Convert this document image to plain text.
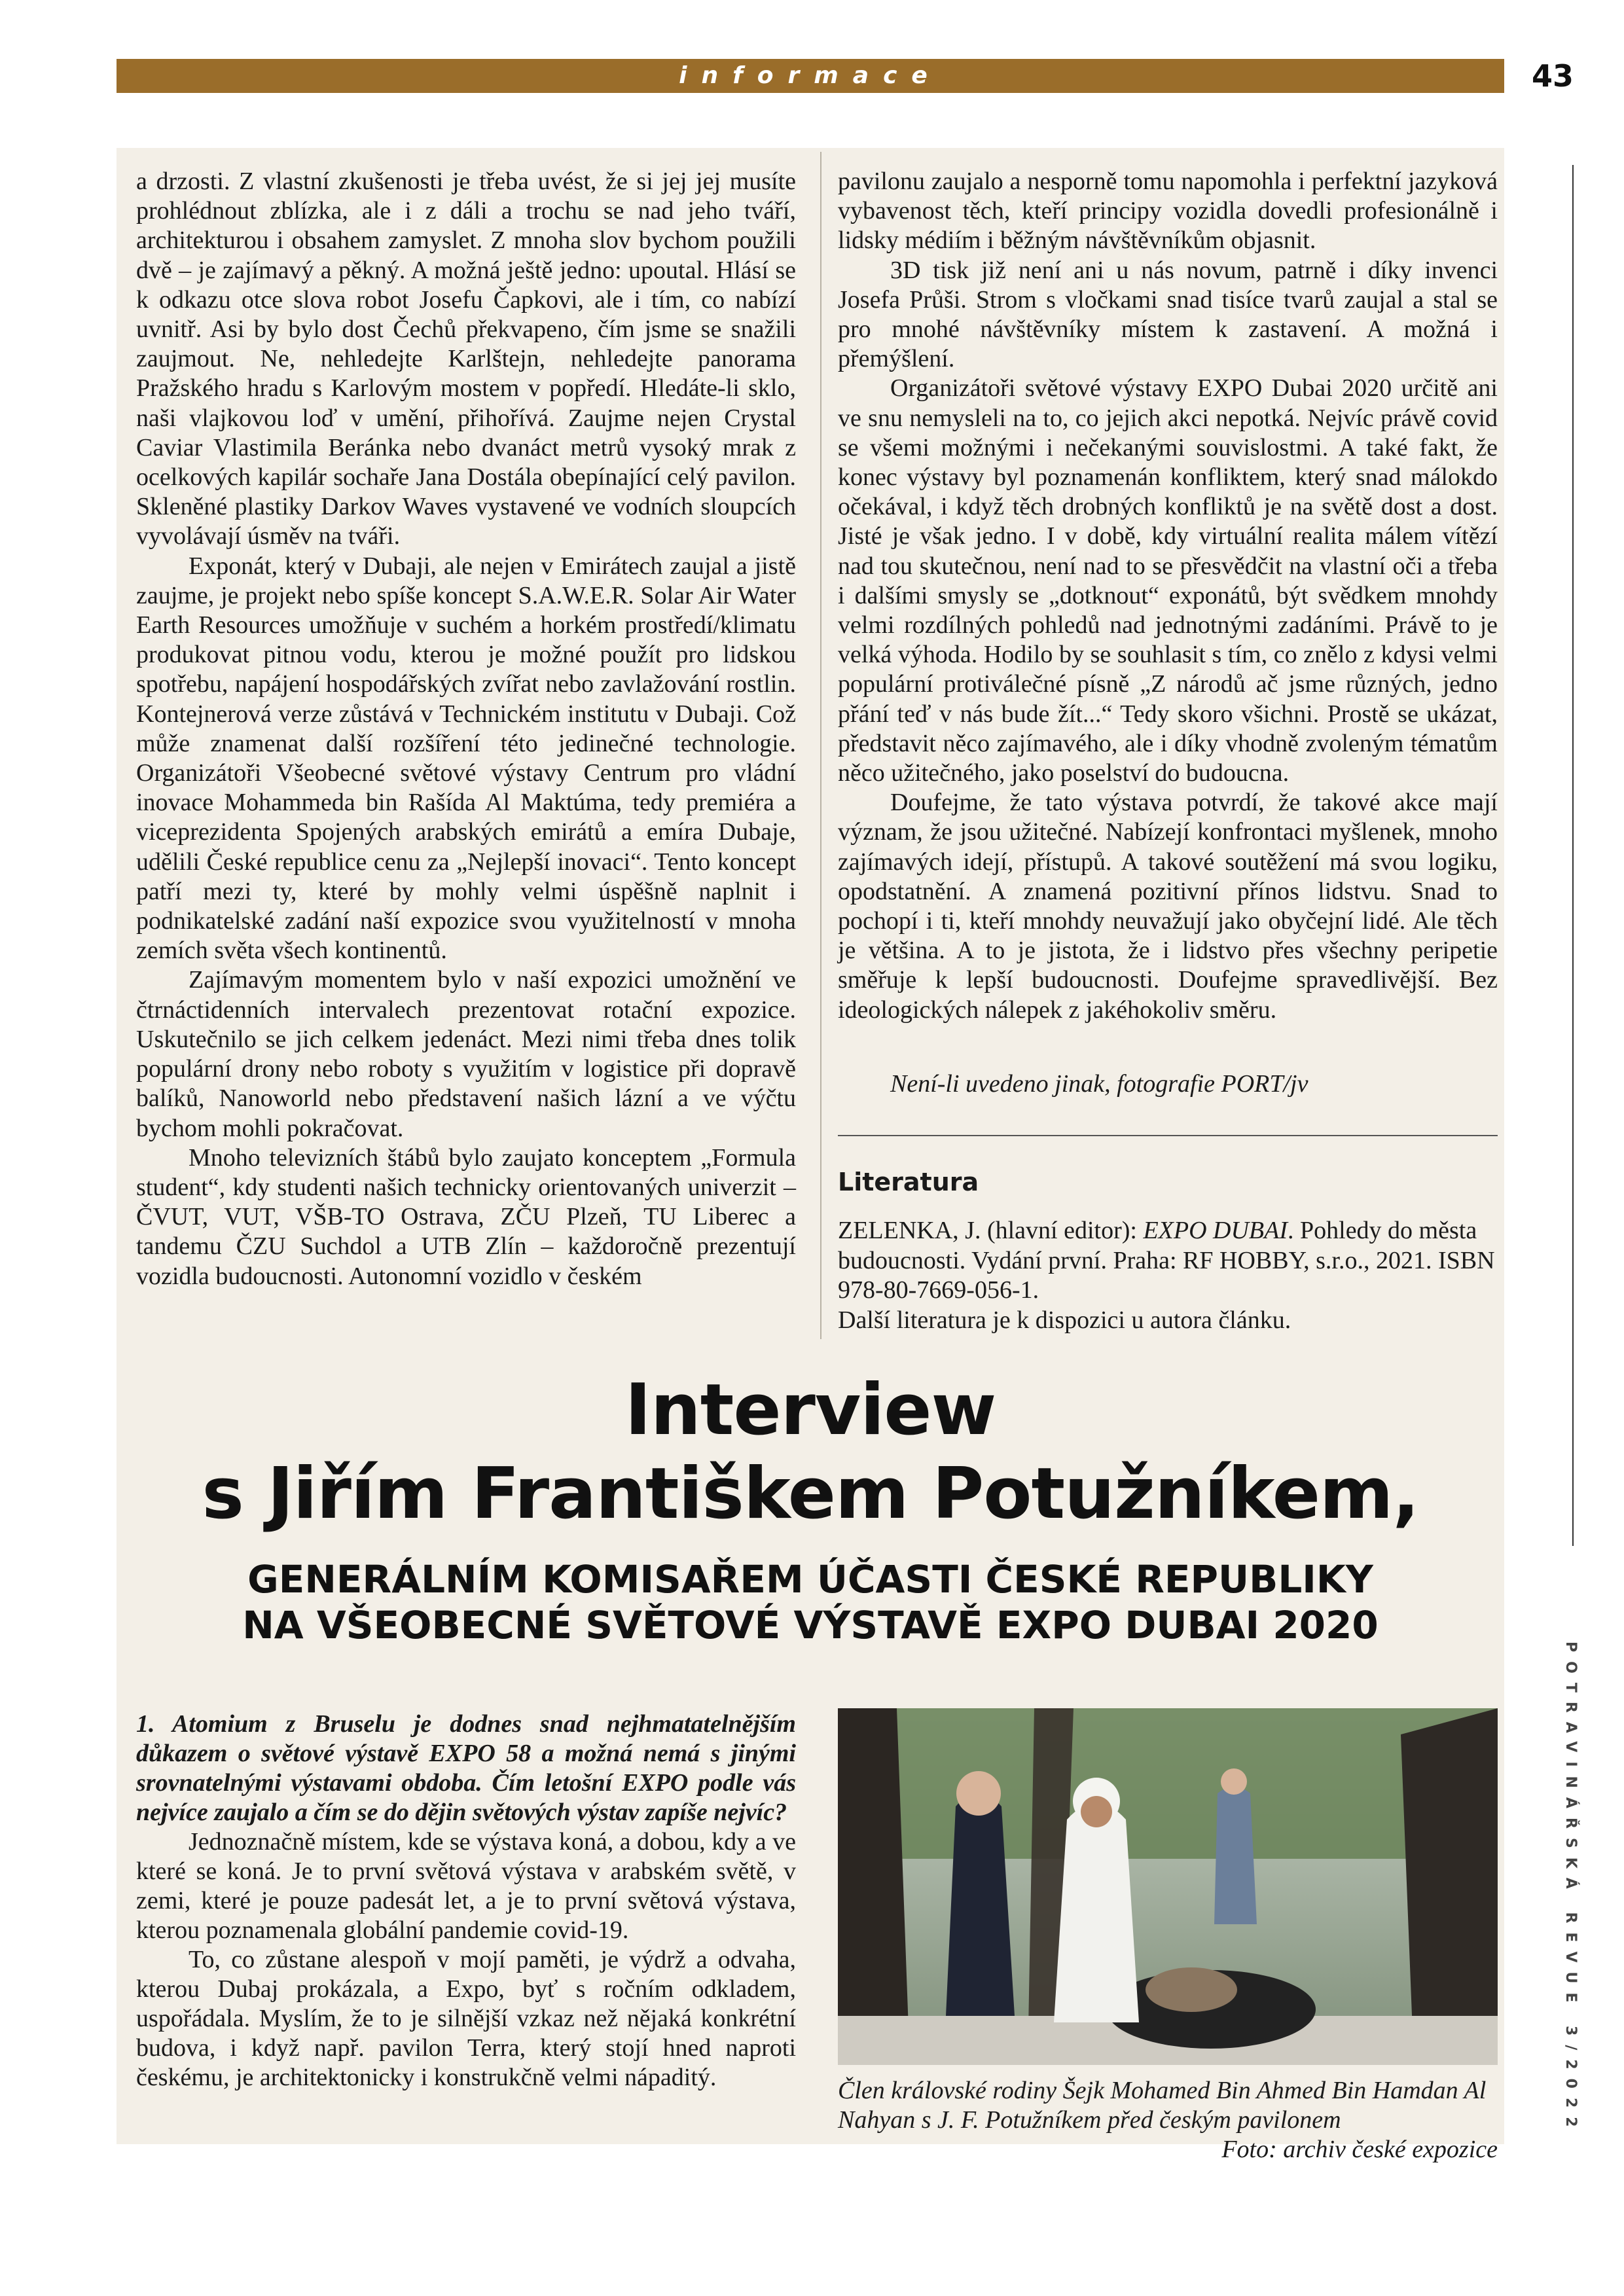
informace	43

a drzosti. Z vlastní zkušenosti je třeba uvést, že si jej jej musíte prohlédnout zblízka, ale i z dáli a trochu se nad jeho tváří, architekturou i obsahem zamyslet. Z mnoha slov bychom použili dvě – je zajímavý a pěkný. A možná ještě jedno: upoutal. Hlásí se k odkazu otce slova robot Josefu Čapkovi, ale i tím, co nabízí uvnitř. Asi by bylo dost Čechů překvapeno, čím jsme se snažili zaujmout. Ne, nehledejte Karlštejn, nehledejte panorama Pražského hradu s Karlovým mostem v popředí. Hledáte-li sklo, naši vlajkovou loď v umění, přihořívá. Zaujme nejen Crystal Caviar Vlastimila Beránka nebo dvanáct metrů vysoký mrak z ocelkových kapilár sochaře Jana Dostála obepínající celý pavilon. Skleněné plastiky Darkov Waves vystavené ve vodních sloupcích vyvolávají úsměv na tváři.

Exponát, který v Dubaji, ale nejen v Emirátech zaujal a jistě zaujme, je projekt nebo spíše koncept S.A.W.E.R. Solar Air Water Earth Resources umožňuje v suchém a horkém prostředí/klimatu produkovat pitnou vodu, kterou je možné použít pro lidskou spotřebu, napájení hospodářských zvířat nebo zavlažování rostlin. Kontejnerová verze zůstává v Technickém institutu v Dubaji. Což může znamenat další rozšíření této jedinečné technologie. Organizátoři Všeobecné světové výstavy Centrum pro vládní inovace Mohammeda bin Rašída Al Maktúma, tedy premiéra a viceprezidenta Spojených arabských emirátů a emíra Dubaje, udělili České republice cenu za „Nejlepší inovaci“. Tento koncept patří mezi ty, které by mohly velmi úspěšně naplnit i podnikatelské zadání naší expozice svou využitelností v mnoha zemích světa všech kontinentů.

Zajímavým momentem bylo v naší expozici umožnění ve čtrnáctidenních intervalech prezentovat rotační expozice. Uskutečnilo se jich celkem jedenáct. Mezi nimi třeba dnes tolik populární drony nebo roboty s využitím v logistice při dopravě balíků, Nanoworld nebo představení našich lázní a ve výčtu bychom mohli pokračovat.

Mnoho televizních štábů bylo zaujato konceptem „Formula student“, kdy studenti našich technicky orientovaných univerzit – ČVUT, VUT, VŠB-TO Ostrava, ZČU Plzeň, TU Liberec a tandemu ČZU Suchdol a UTB Zlín – každoročně prezentují vozidla budoucnosti. Autonomní vozidlo v českém

pavilonu zaujalo a nesporně tomu napomohla i perfektní jazyková vybavenost těch, kteří principy vozidla dovedli profesionálně i lidsky médiím i běžným návštěvníkům objasnit.

3D tisk již není ani u nás novum, patrně i díky invenci Josefa Průši. Strom s vločkami snad tisíce tvarů zaujal a stal se pro mnohé návštěvníky místem k zastavení. A možná i přemýšlení.

Organizátoři světové výstavy EXPO Dubai 2020 určitě ani ve snu nemysleli na to, co jejich akci nepotká. Nejvíc právě covid se všemi možnými i nečekanými souvislostmi. A také fakt, že konec výstavy byl poznamenán konfliktem, který snad málokdo očekával, i když těch drobných konfliktů je na světě dost a dost. Jisté je však jedno. I v době, kdy virtuální realita málem vítězí nad tou skutečnou, není nad to se přesvědčit na vlastní oči a třeba i dalšími smysly se „dotknout“ exponátů, být svědkem mnohdy velmi rozdílných pohledů nad jednotnými zadáními. Právě to je velká výhoda. Hodilo by se souhlasit s tím, co znělo z kdysi velmi populární protiválečné písně „Z národů ač jsme různých, jedno přání teď v nás bude žít...“ Tedy skoro všichni. Prostě se ukázat, představit něco zajímavého, ale i díky vhodně zvoleným tématům něco užitečného, jako poselství do budoucna.

Doufejme, že tato výstava potvrdí, že takové akce mají význam, že jsou užitečné. Nabízejí konfrontaci myšlenek, mnoho zajímavých idejí, přístupů. A takové soutěžení má svou logiku, opodstatnění. A znamená pozitivní přínos lidstvu. Snad to pochopí i ti, kteří mnohdy neuvažují jako obyčejní lidé. Ale těch je většina. A to je jistota, že i lidstvo přes všechny peripetie směřuje k lepší budoucnosti. Doufejme spravedlivější. Bez ideologických nálepek z jakéhokoliv směru.

Není-li uvedeno jinak, fotografie PORT/jv
Literatura
ZELENKA, J. (hlavní editor): EXPO DUBAI. Pohledy do města budoucnosti. Vydání první. Praha: RF HOBBY, s.r.o., 2021. ISBN 978-80-7669-056-1.
Další literatura je k dispozici u autora článku.
POTRAVINÁŘSKÁ REVUE 3/2022
Interview
s Jiřím Františkem Potužníkem,
GENERÁLNÍM KOMISAŘEM ÚČASTI ČESKÉ REPUBLIKY
NA VŠEOBECNÉ SVĚTOVÉ VÝSTAVĚ EXPO DUBAI 2020

1. Atomium z Bruselu je dodnes snad nejhmatatelnějším důkazem o světové výstavě EXPO 58 a možná nemá s jinými srovnatelnými výstavami obdoba. Čím letošní EXPO podle vás nejvíce zaujalo a čím se do dějin světových výstav zapíše nejvíc?

Jednoznačně místem, kde se výstava koná, a dobou, kdy a ve které se koná. Je to první světová výstava v arabském světě, v zemi, které je pouze padesát let, a je to první světová výstava, kterou poznamenala globální pandemie covid-19.

To, co zůstane alespoň v mojí paměti, je výdrž a odvaha, kterou Dubaj prokázala, a Expo, byť s ročním odkladem, uspořádala. Myslím, že to je silnější vzkaz než nějaká konkrétní budova, i když např. pavilon Terra, který stojí hned naproti českému, je architektonicky i konstrukčně velmi nápaditý.	Člen královské rodiny Šejk Mohamed Bin Ahmed Bin Hamdan Al Nahyan s J. F. Potužníkem před českým pavilonem
Foto: archiv české expozice
